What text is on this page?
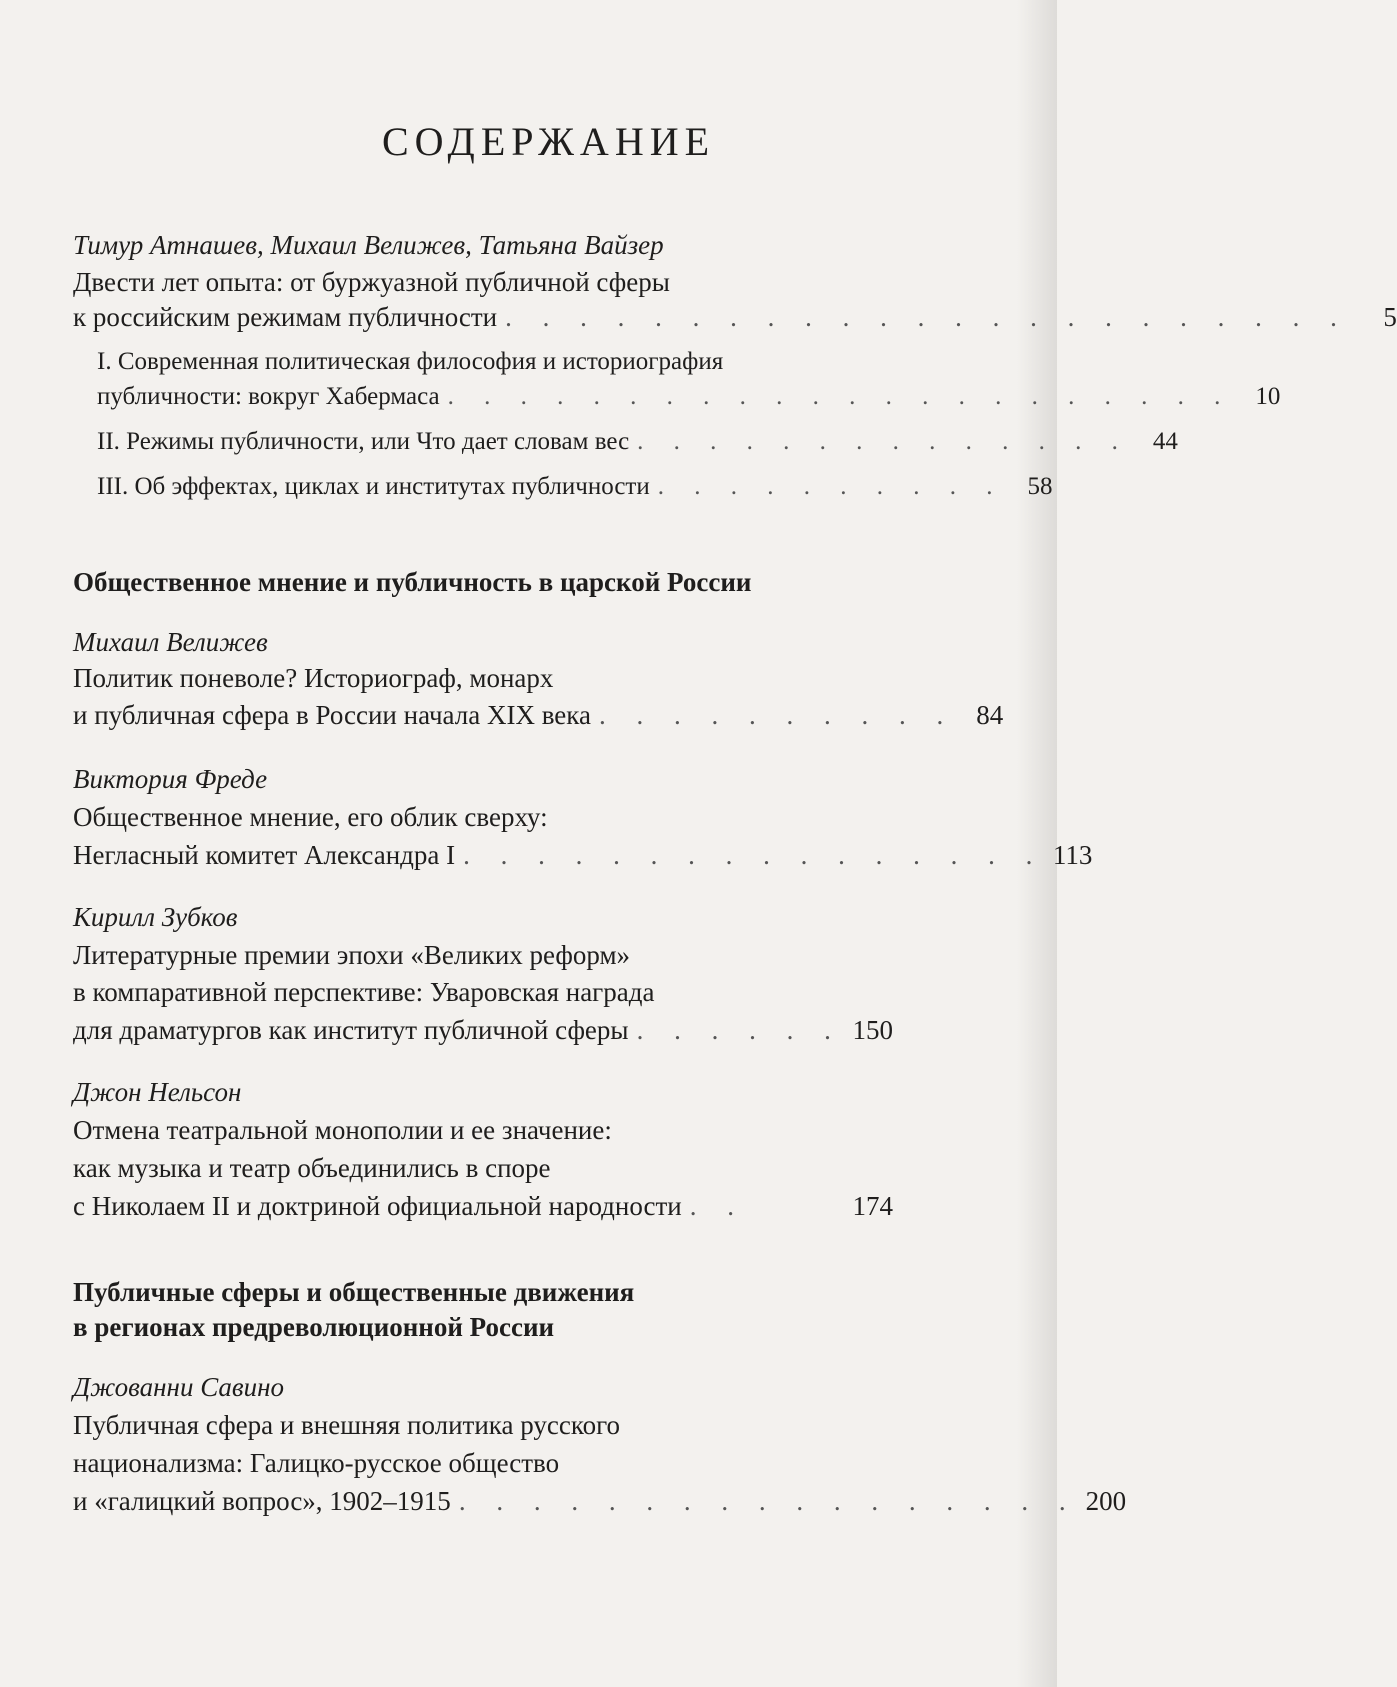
СОДЕРЖАНИЕ
Тимур Атнашев, Михаил Велижев, Татьяна Вайзер
Двести лет опыта: от буржуазной публичной сферы
к российским режимам публичности . . . . . . . . . . . . . . . . . . . . . . .	5
I. Современная политическая философия и историография
публичности: вокруг Хабермаса . . . . . . . . . . . . . . . . . . . . . . 10
II. Режимы публичности, или Что дает словам вес . . . . . . . . . . . . . . 44
III. Об эффектах, циклах и институтах публичности . . . . . . . . . . 58
Общественное мнение и публичность в царской России
Михаил Велижев
Политик поневоле? Историограф, монарх
и публичная сфера в России начала XIX века . . . . . . . . . . 84
Виктория Фреде
Общественное мнение, его облик сверху:
Негласный комитет Александра I . . . . . . . . . . . . . . . . 113
Кирилл Зубков
Литературные премии эпохи «Великих реформ»
в компаративной перспективе: Уваровская награда
для драматургов как институт публичной сферы . . . . . . 150
Джон Нельсон
Отмена театральной монополии и ее значение:
как музыка и театр объединились в споре
с Николаем II и доктриной официальной народности . .	174
Публичные сферы и общественные движения
в регионах предреволюционной России
Джованни Савино
Публичная сфера и внешняя политика русского
национализма: Галицко-русское общество
и «галицкий вопрос», 1902–1915 . . . . . . . . . . . . . . . . . 200
